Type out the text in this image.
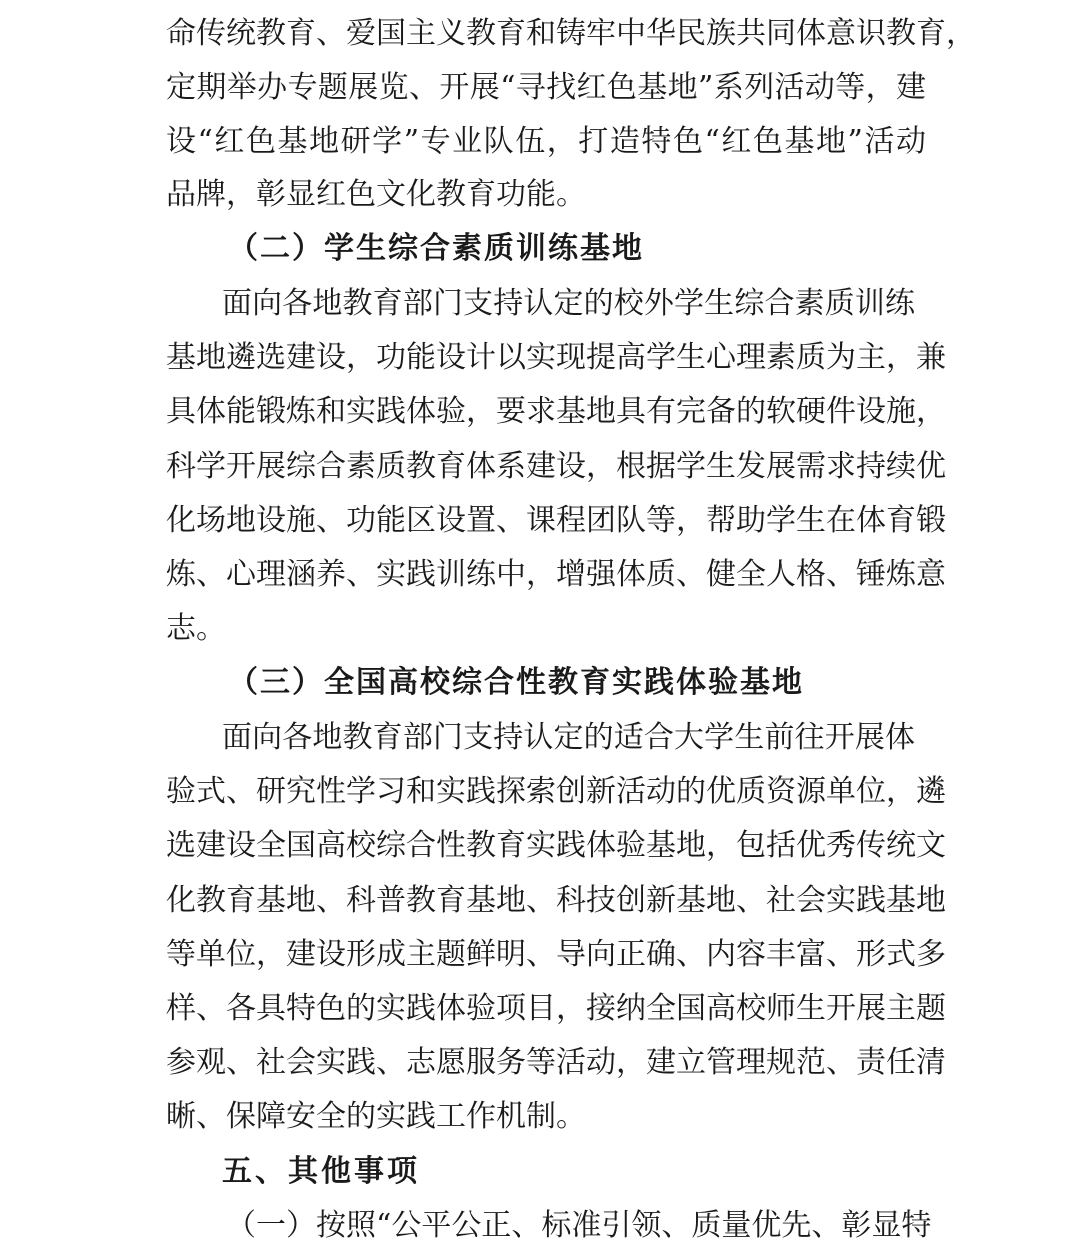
命传统教育、爱国主义教育和铸牢中华民族共同体意识教育，
定期举办专题展览、开展“寻找红色基地”系列活动等，建
设“红色基地研学”专业队伍，打造特色“红色基地”活动
品牌，彰显红色文化教育功能。
（二）学生综合素质训练基地
面向各地教育部门支持认定的校外学生综合素质训练
基地遴选建设，功能设计以实现提高学生心理素质为主，兼
具体能锻炼和实践体验，要求基地具有完备的软硬件设施，
科学开展综合素质教育体系建设，根据学生发展需求持续优
化场地设施、功能区设置、课程团队等，帮助学生在体育锻
炼、心理涵养、实践训练中，增强体质、健全人格、锤炼意
志。
（三）全国高校综合性教育实践体验基地
面向各地教育部门支持认定的适合大学生前往开展体
验式、研究性学习和实践探索创新活动的优质资源单位，遴
选建设全国高校综合性教育实践体验基地，包括优秀传统文
化教育基地、科普教育基地、科技创新基地、社会实践基地
等单位，建设形成主题鲜明、导向正确、内容丰富、形式多
样、各具特色的实践体验项目，接纳全国高校师生开展主题
参观、社会实践、志愿服务等活动，建立管理规范、责任清
晰、保障安全的实践工作机制。
五、其他事项
（一）按照“公平公正、标准引领、质量优先、彰显特
